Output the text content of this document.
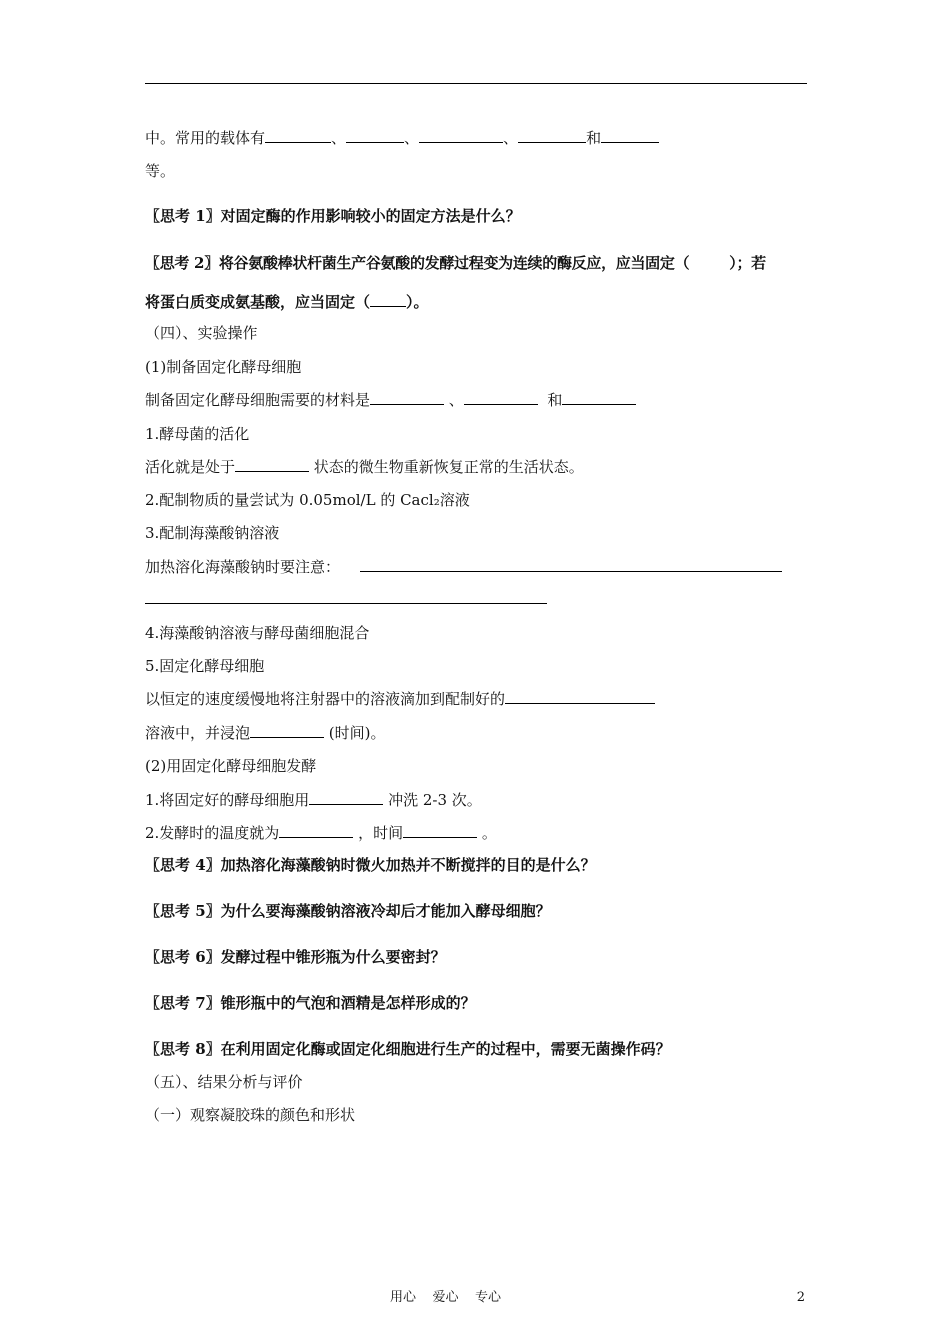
中。常用的载体有	、	、	、	和
等。
〖思考 1〗对固定酶的作用影响较小的固定方法是什么？
〖思考 2〗将谷氨酸棒状杆菌生产谷氨酸的发酵过程变为连续的酶反应，应当固定（	）；若
将蛋白质变成氨基酸，应当固定（ ）。
（四）、实验操作
(1)制备固定化酵母细胞
制备固定化酵母细胞需要的材料是	、	和
1.酵母菌的活化
活化就是处于	状态的微生物重新恢复正常的生活状态。
2.配制物质的量尝试为 0.05mol/L 的 Cacl₂溶液
3.配制海藻酸钠溶液
加热溶化海藻酸钠时要注意：
4.海藻酸钠溶液与酵母菌细胞混合
5.固定化酵母细胞
以恒定的速度缓慢地将注射器中的溶液滴加到配制好的
溶液中，并浸泡	(时间)。
(2)用固定化酵母细胞发酵
1.将固定好的酵母细胞用	冲洗 2-3 次。
2.发酵时的温度就为	，时间	。
〖思考 4〗加热溶化海藻酸钠时微火加热并不断搅拌的目的是什么？
〖思考 5〗为什么要海藻酸钠溶液冷却后才能加入酵母细胞？
〖思考 6〗发酵过程中锥形瓶为什么要密封？
〖思考 7〗锥形瓶中的气泡和酒精是怎样形成的？
〖思考 8〗在利用固定化酶或固定化细胞进行生产的过程中，需要无菌操作码？
（五）、结果分析与评价
（一）观察凝胶珠的颜色和形状
用心    爱心    专心	2
